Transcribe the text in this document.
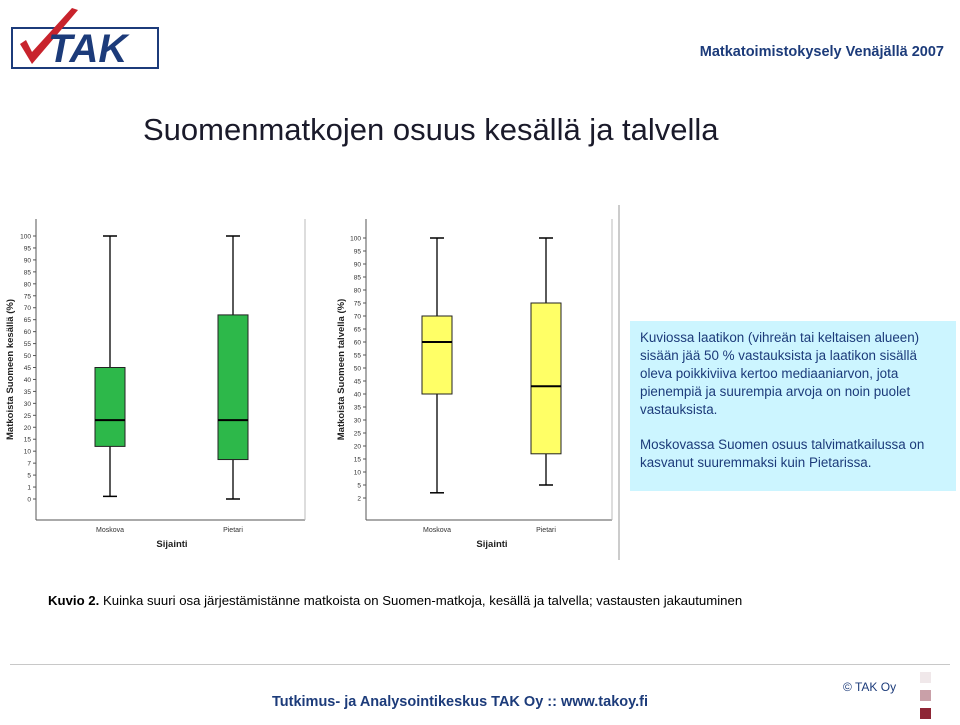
TAK	Matkatoimistokysely Venäjällä 2007
Suomenmatkojen osuus kesällä ja talvella
100
95
90
85
80
75
70
65
60
55
50
45
40
35
30
25
20
15
10
7
5
1
0
Matkoista Suomeen kesällä (%)
Moskova	Pietari
Sijainti
100
95
90
85
80
75
70
65
60
55
50
45
40
35
30
25
20
15
10
5
2
Matkoista Suomeen talvella (%)
Moskova	Pietari
Sijainti

Kuviossa laatikon (vihreän tai keltaisen alueen) sisään jää 50 % vastauksista ja laatikon sisällä oleva poikkiviiva kertoo mediaaniarvon, jota pienempiä ja suurempia arvoja on noin puolet vastauksista.

Moskovassa Suomen osuus talvimatkailussa on kasvanut suuremmaksi kuin Pietarissa.

Kuvio 2. Kuinka suuri osa järjestämistänne matkoista on Suomen-matkoja, kesällä ja talvella; vastausten jakautuminen
© TAK Oy
Tutkimus- ja Analysointikeskus TAK Oy :: www.takoy.fi
